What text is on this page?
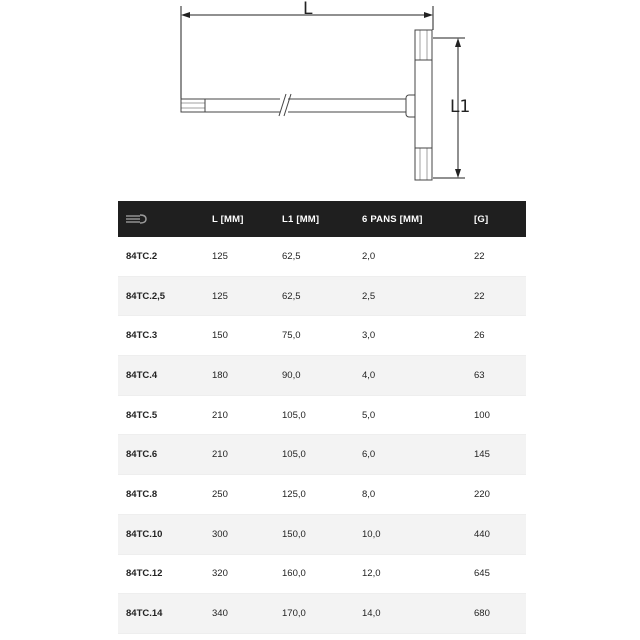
L
L1
	L [MM]	L1 [MM]	6 PANS [MM]	[G]
84TC.2	125	62,5	2,0	22
84TC.2,5	125	62,5	2,5	22
84TC.3	150	75,0	3,0	26
84TC.4	180	90,0	4,0	63
84TC.5	210	105,0	5,0	100
84TC.6	210	105,0	6,0	145
84TC.8	250	125,0	8,0	220
84TC.10	300	150,0	10,0	440
84TC.12	320	160,0	12,0	645
84TC.14	340	170,0	14,0	680
